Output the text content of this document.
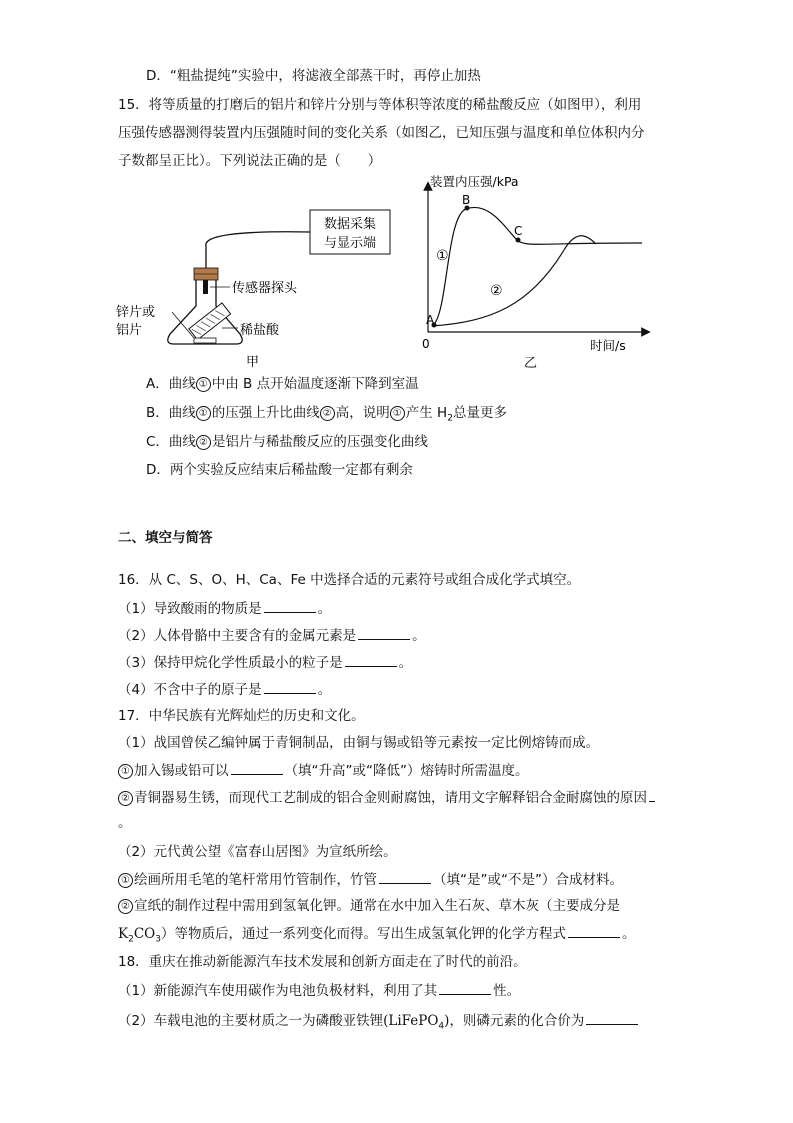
D．“粗盐提纯”实验中，将滤液全部蒸干时，再停止加热
15．将等质量的打磨后的铝片和锌片分别与等体积等浓度的稀盐酸反应（如图甲），利用
压强传感器测得装置内压强随时间的变化关系（如图乙，已知压强与温度和单位体积内分
子数都呈正比）。下列说法正确的是（　　）
数据采集
与显示端
传感器探头
锌片或
铝片	稀盐酸
甲
装置内压强/kPa
时间/s
0
A
B
C
①
②
乙
A．曲线 ① 中由 B 点开始温度逐渐下降到室温
B．曲线 ① 的压强上升比曲线 ② 高，说明 ① 产生 $H_2$总量更多
C．曲线 ② 是铝片与稀盐酸反应的压强变化曲线
D．两个实验反应结束后稀盐酸一定都有剩余
二、填空与简答
16．从 C、S、O、H、Ca、Fe 中选择合适的元素符号或组合成化学式填空。
（1）导致酸雨的物质是	。
（2）人体骨骼中主要含有的金属元素是	。
（3）保持甲烷化学性质最小的粒子是	。
（4）不含中子的原子是	。
17．中华民族有光辉灿烂的历史和文化。
（1）战国曾侯乙编钟属于青铜制品，由铜与锡或铅等元素按一定比例熔铸而成。
① 加入锡或铅可以	（填“升高”或“降低”）熔铸时所需温度。
② 青铜器易生锈，而现代工艺制成的铝合金则耐腐蚀，请用文字解释铝合金耐腐蚀的原因
。
（2）元代黄公望《富春山居图》为宣纸所绘。
① 绘画所用毛笔的笔杆常用竹管制作，竹管	（填“是”或“不是”）合成材料。
② 宣纸的制作过程中需用到氢氧化钾。通常在水中加入生石灰、草木灰（主要成分是
$K_2CO_3$）等物质后，通过一系列变化而得。写出生成氢氧化钾的化学方程式	。
18．重庆在推动新能源汽车技术发展和创新方面走在了时代的前沿。
（1）新能源汽车使用碳作为电池负极材料，利用了其	性。
（2）车载电池的主要材质之一为磷酸亚铁锂(LiFePO$_4$)，则磷元素的化合价为
